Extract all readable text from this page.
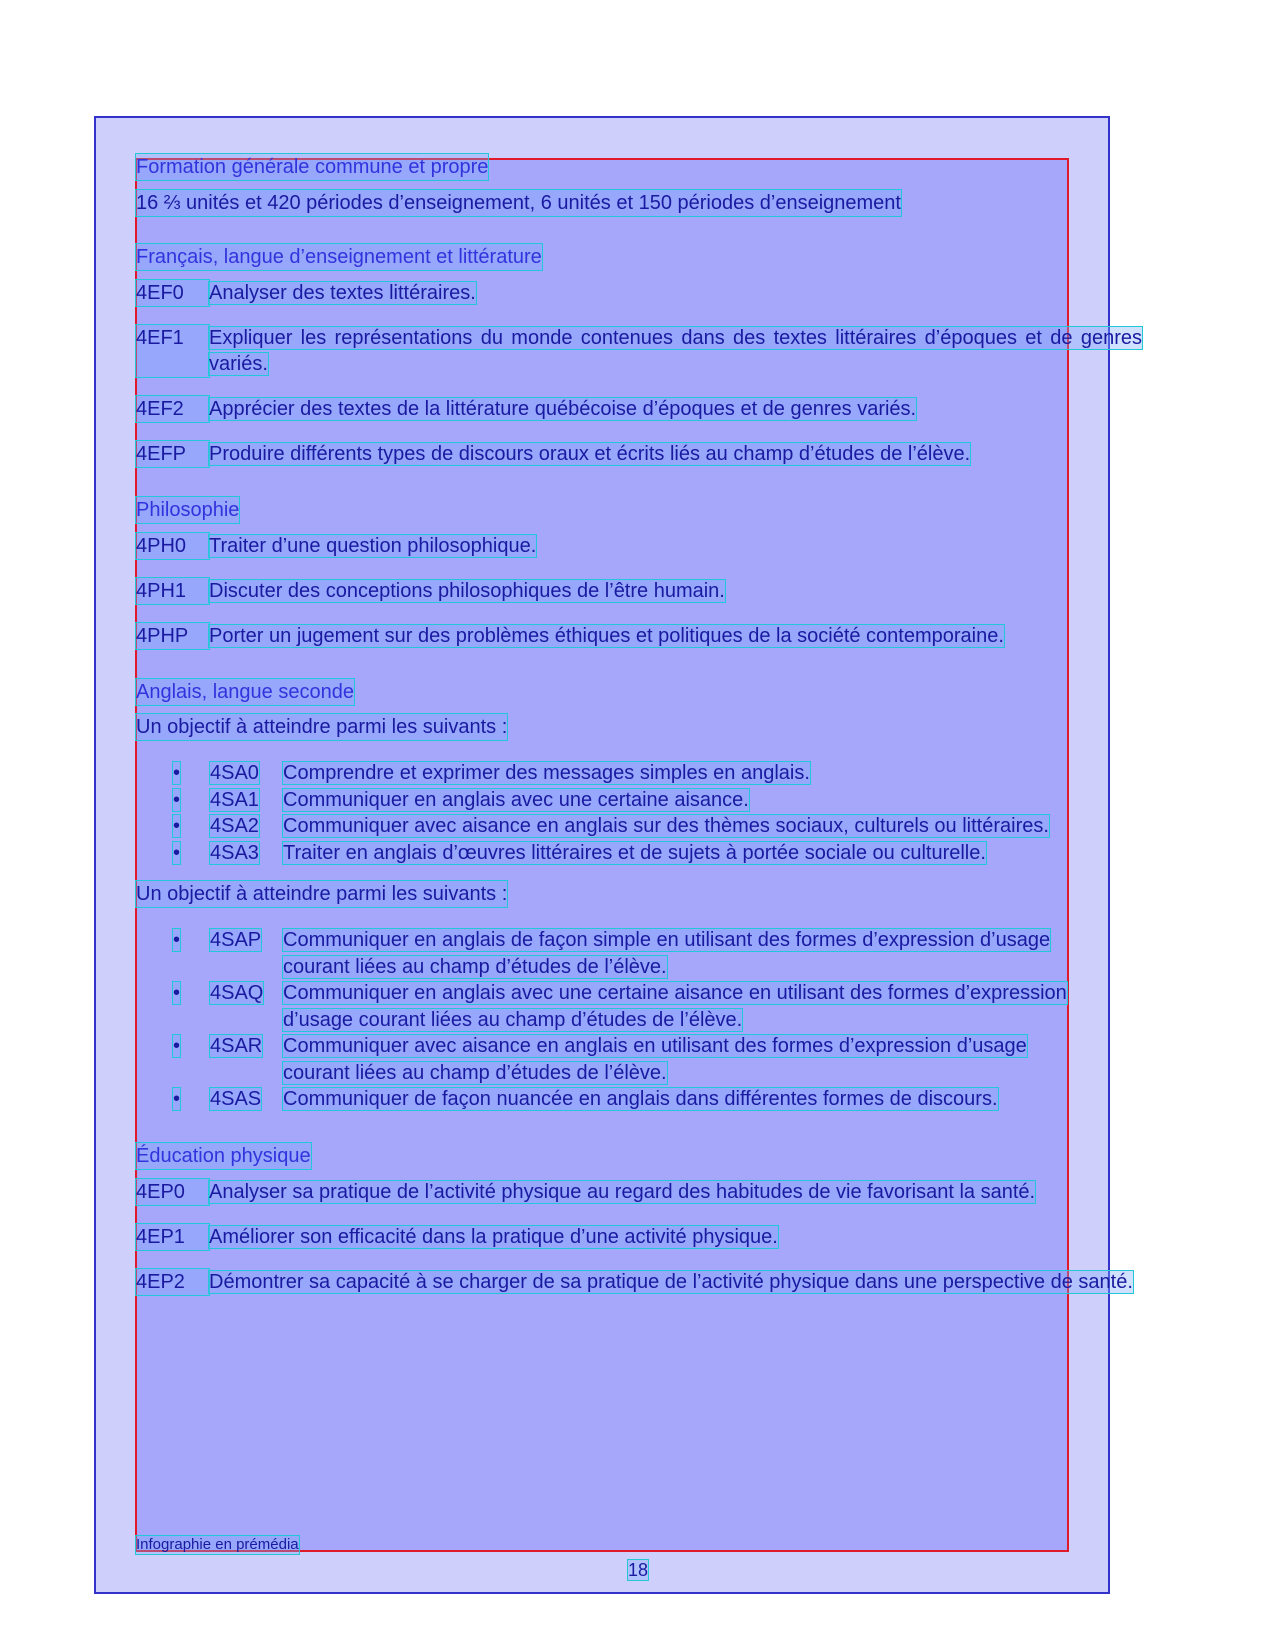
Formation générale commune et propre
16 ⅔ unités et 420 périodes d’enseignement, 6 unités et 150 périodes d’enseignement
Français, langue d’enseignement et littérature
4EF0	Analyser des textes littéraires.
4EF1	Expliquer les représentations du monde contenues dans des textes littéraires d’époques et de genres variés.
4EF2	Apprécier des textes de la littérature québécoise d’époques et de genres variés.
4EFP	Produire différents types de discours oraux et écrits liés au champ d’études de l’élève.
Philosophie
4PH0	Traiter d’une question philosophique.
4PH1	Discuter des conceptions philosophiques de l’être humain.
4PHP	Porter un jugement sur des problèmes éthiques et politiques de la société contemporaine.
Anglais, langue seconde
Un objectif à atteindre parmi les suivants :
•	4SA0	Comprendre et exprimer des messages simples en anglais.
•	4SA1	Communiquer en anglais avec une certaine aisance.
•	4SA2	Communiquer avec aisance en anglais sur des thèmes sociaux, culturels ou littéraires.
•	4SA3	Traiter en anglais d’œuvres littéraires et de sujets à portée sociale ou culturelle.
Un objectif à atteindre parmi les suivants :
•	4SAP	Communiquer en anglais de façon simple en utilisant des formes d’expression d’usage courant liées au champ d’études de l’élève.
•	4SAQ Communiquer en anglais avec une certaine aisance en utilisant des formes d’expression d’usage courant liées au champ d’études de l’élève.
•	4SAR	Communiquer avec aisance en anglais en utilisant des formes d’expression d’usage courant liées au champ d’études de l’élève.
•	4SAS	Communiquer de façon nuancée en anglais dans différentes formes de discours.
Éducation physique
4EP0	Analyser sa pratique de l’activité physique au regard des habitudes de vie favorisant la santé.
4EP1	Améliorer son efficacité dans la pratique d’une activité physique.
4EP2	Démontrer sa capacité à se charger de sa pratique de l’activité physique dans une perspective de santé.
Infographie en prémédia
18
